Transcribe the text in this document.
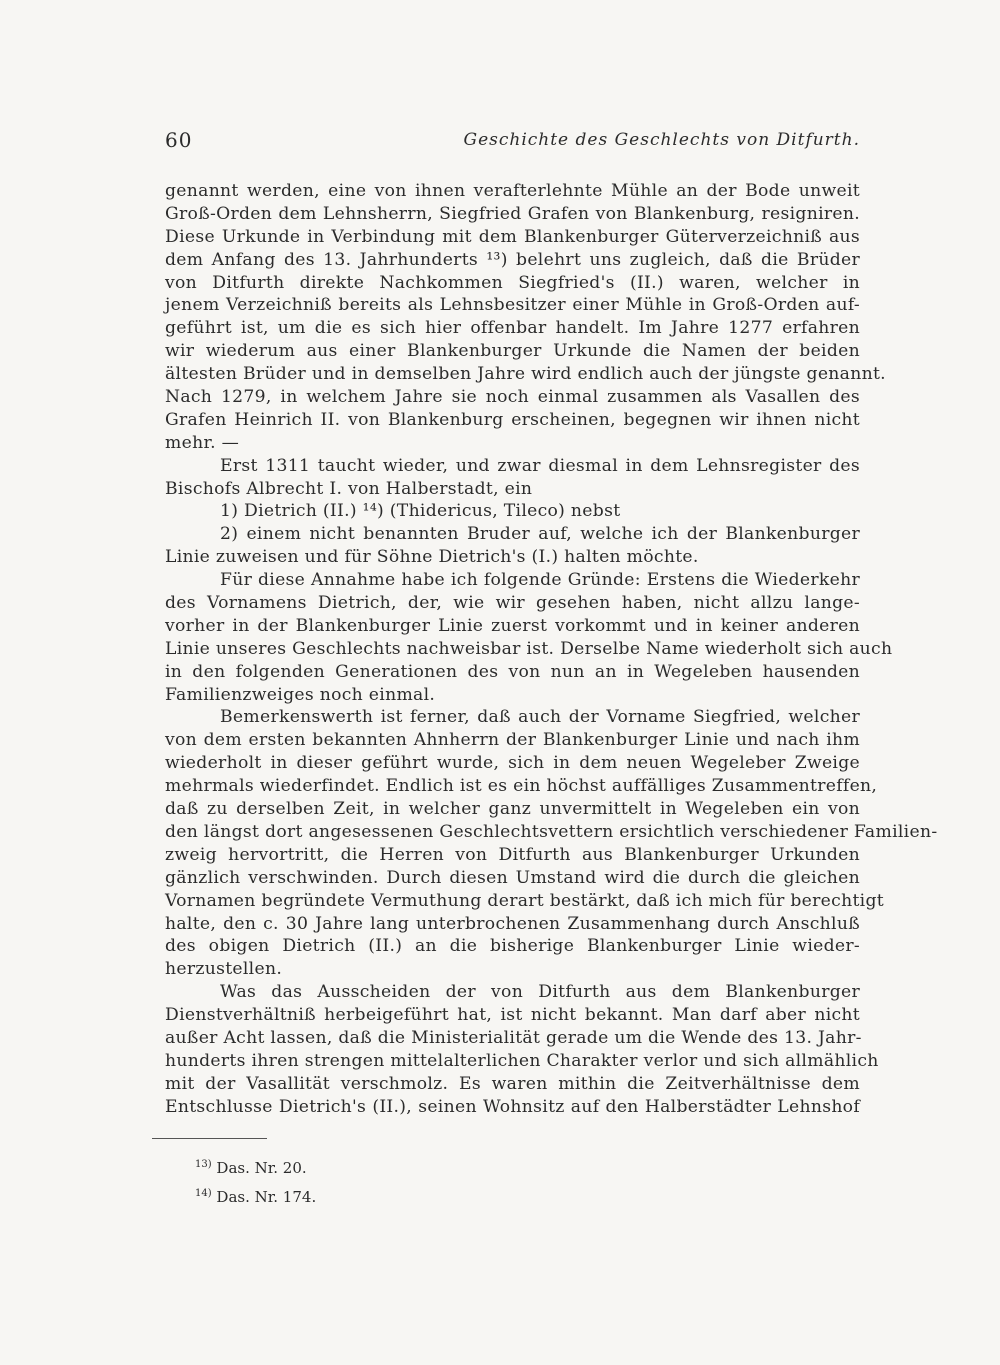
60	Geschichte des Geschlechts von Ditfurth.
genannt werden, eine von ihnen verafterlehnte Mühle an der Bode unweit
Groß-Orden dem Lehnsherrn, Siegfried Grafen von Blankenburg, resigniren.
Diese Urkunde in Verbindung mit dem Blankenburger Güterverzeichniß aus
dem Anfang des 13. Jahrhunderts ¹³) belehrt uns zugleich, daß die Brüder
von Ditfurth direkte Nachkommen Siegfried's (II.) waren, welcher in
jenem Verzeichniß bereits als Lehnsbesitzer einer Mühle in Groß-Orden auf-
geführt ist, um die es sich hier offenbar handelt. Im Jahre 1277 erfahren
wir wiederum aus einer Blankenburger Urkunde die Namen der beiden
ältesten Brüder und in demselben Jahre wird endlich auch der jüngste genannt.
Nach 1279, in welchem Jahre sie noch einmal zusammen als Vasallen des
Grafen Heinrich II. von Blankenburg erscheinen, begegnen wir ihnen nicht
mehr. —
Erst 1311 taucht wieder, und zwar diesmal in dem Lehnsregister des
Bischofs Albrecht I. von Halberstadt, ein
1) Dietrich (II.) ¹⁴) (Thidericus, Tileco) nebst
2) einem nicht benannten Bruder auf, welche ich der Blankenburger
Linie zuweisen und für Söhne Dietrich's (I.) halten möchte.
Für diese Annahme habe ich folgende Gründe: Erstens die Wiederkehr
des Vornamens Dietrich, der, wie wir gesehen haben, nicht allzu lange-
vorher in der Blankenburger Linie zuerst vorkommt und in keiner anderen
Linie unseres Geschlechts nachweisbar ist. Derselbe Name wiederholt sich auch
in den folgenden Generationen des von nun an in Wegeleben hausenden
Familienzweiges noch einmal.
Bemerkenswerth ist ferner, daß auch der Vorname Siegfried, welcher
von dem ersten bekannten Ahnherrn der Blankenburger Linie und nach ihm
wiederholt in dieser geführt wurde, sich in dem neuen Wegeleber Zweige
mehrmals wiederfindet. Endlich ist es ein höchst auffälliges Zusammentreffen,
daß zu derselben Zeit, in welcher ganz unvermittelt in Wegeleben ein von
den längst dort angesessenen Geschlechtsvettern ersichtlich verschiedener Familien-
zweig hervortritt, die Herren von Ditfurth aus Blankenburger Urkunden
gänzlich verschwinden. Durch diesen Umstand wird die durch die gleichen
Vornamen begründete Vermuthung derart bestärkt, daß ich mich für berechtigt
halte, den c. 30 Jahre lang unterbrochenen Zusammenhang durch Anschluß
des obigen Dietrich (II.) an die bisherige Blankenburger Linie wieder-
herzustellen.
Was das Ausscheiden der von Ditfurth aus dem Blankenburger
Dienstverhältniß herbeigeführt hat, ist nicht bekannt. Man darf aber nicht
außer Acht lassen, daß die Ministerialität gerade um die Wende des 13. Jahr-
hunderts ihren strengen mittelalterlichen Charakter verlor und sich allmählich
mit der Vasallität verschmolz. Es waren mithin die Zeitverhältnisse dem
Entschlusse Dietrich's (II.), seinen Wohnsitz auf den Halberstädter Lehnshof
$^{13)}$ Das. Nr. 20.
$^{14)}$ Das. Nr. 174.
